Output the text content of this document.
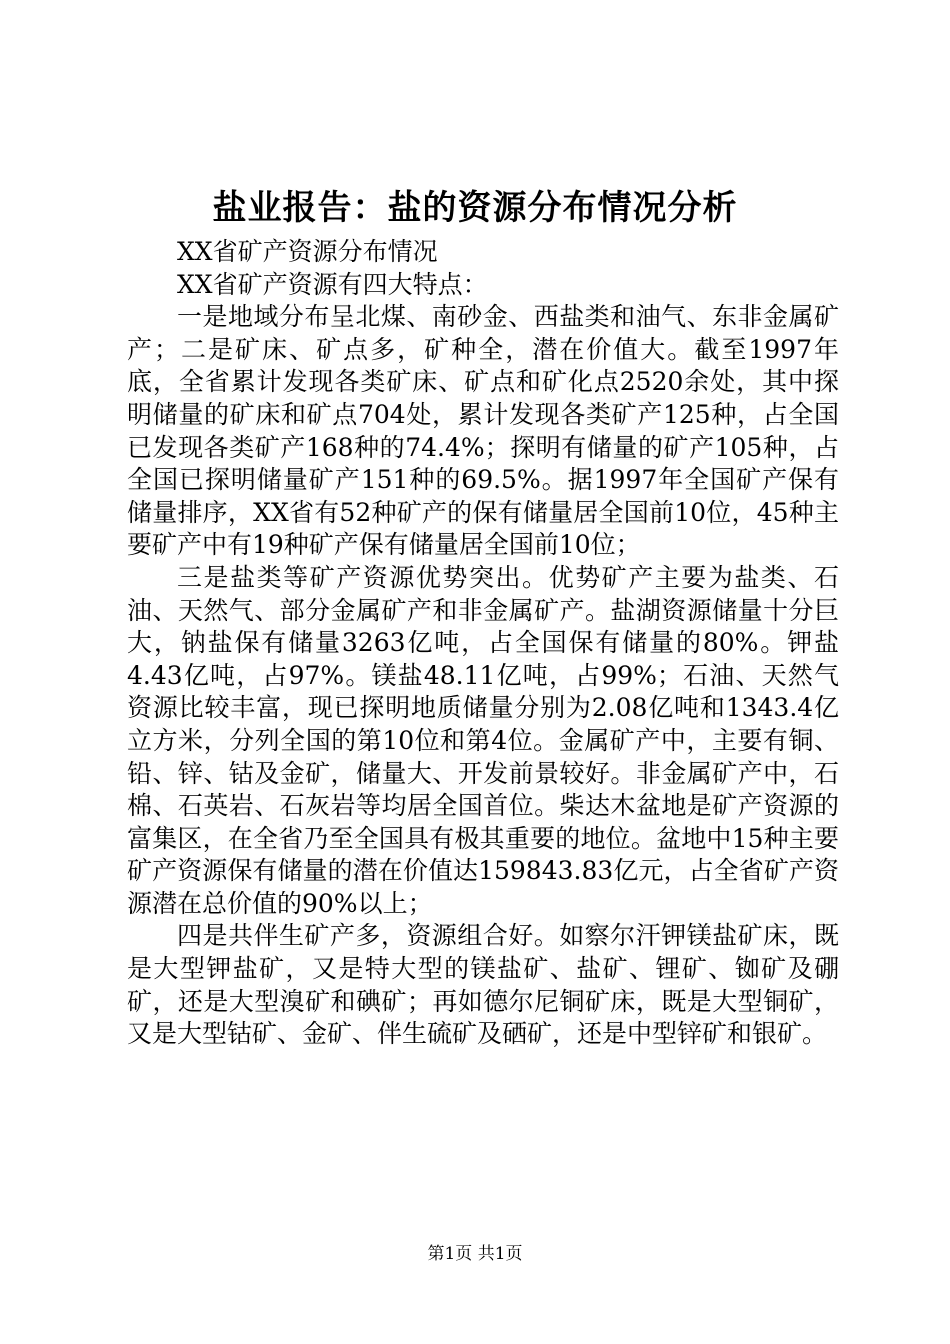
盐业报告：盐的资源分布情况分析

XX省矿产资源分布情况

XX省矿产资源有四大特点：

一是地域分布呈北煤、南砂金、西盐类和油气、东非金属矿产；二是矿床、矿点多，矿种全，潜在价值大。截至1997年底，全省累计发现各类矿床、矿点和矿化点2520余处，其中探明储量的矿床和矿点704处，累计发现各类矿产125种，占全国已发现各类矿产168种的74.4%；探明有储量的矿产105种，占全国已探明储量矿产151种的69.5%。据1997年全国矿产保有储量排序，XX省有52种矿产的保有储量居全国前10位，45种主要矿产中有19种矿产保有储量居全国前10位；

三是盐类等矿产资源优势突出。优势矿产主要为盐类、石油、天然气、部分金属矿产和非金属矿产。盐湖资源储量十分巨大，钠盐保有储量3263亿吨，占全国保有储量的80%。钾盐4.43亿吨，占97%。镁盐48.11亿吨，占99%；石油、天然气资源比较丰富，现已探明地质储量分别为2.08亿吨和1343.4亿立方米，分列全国的第10位和第4位。金属矿产中，主要有铜、铅、锌、钴及金矿，储量大、开发前景较好。非金属矿产中，石棉、石英岩、石灰岩等均居全国首位。柴达木盆地是矿产资源的富集区，在全省乃至全国具有极其重要的地位。盆地中15种主要矿产资源保有储量的潜在价值达159843.83亿元，占全省矿产资源潜在总价值的90%以上；

四是共伴生矿产多，资源组合好。如察尔汗钾镁盐矿床，既是大型钾盐矿，又是特大型的镁盐矿、盐矿、锂矿、铷矿及硼矿，还是大型溴矿和碘矿；再如德尔尼铜矿床，既是大型铜矿，又是大型钴矿、金矿、伴生硫矿及硒矿，还是中型锌矿和银矿。

第1页 共1页
